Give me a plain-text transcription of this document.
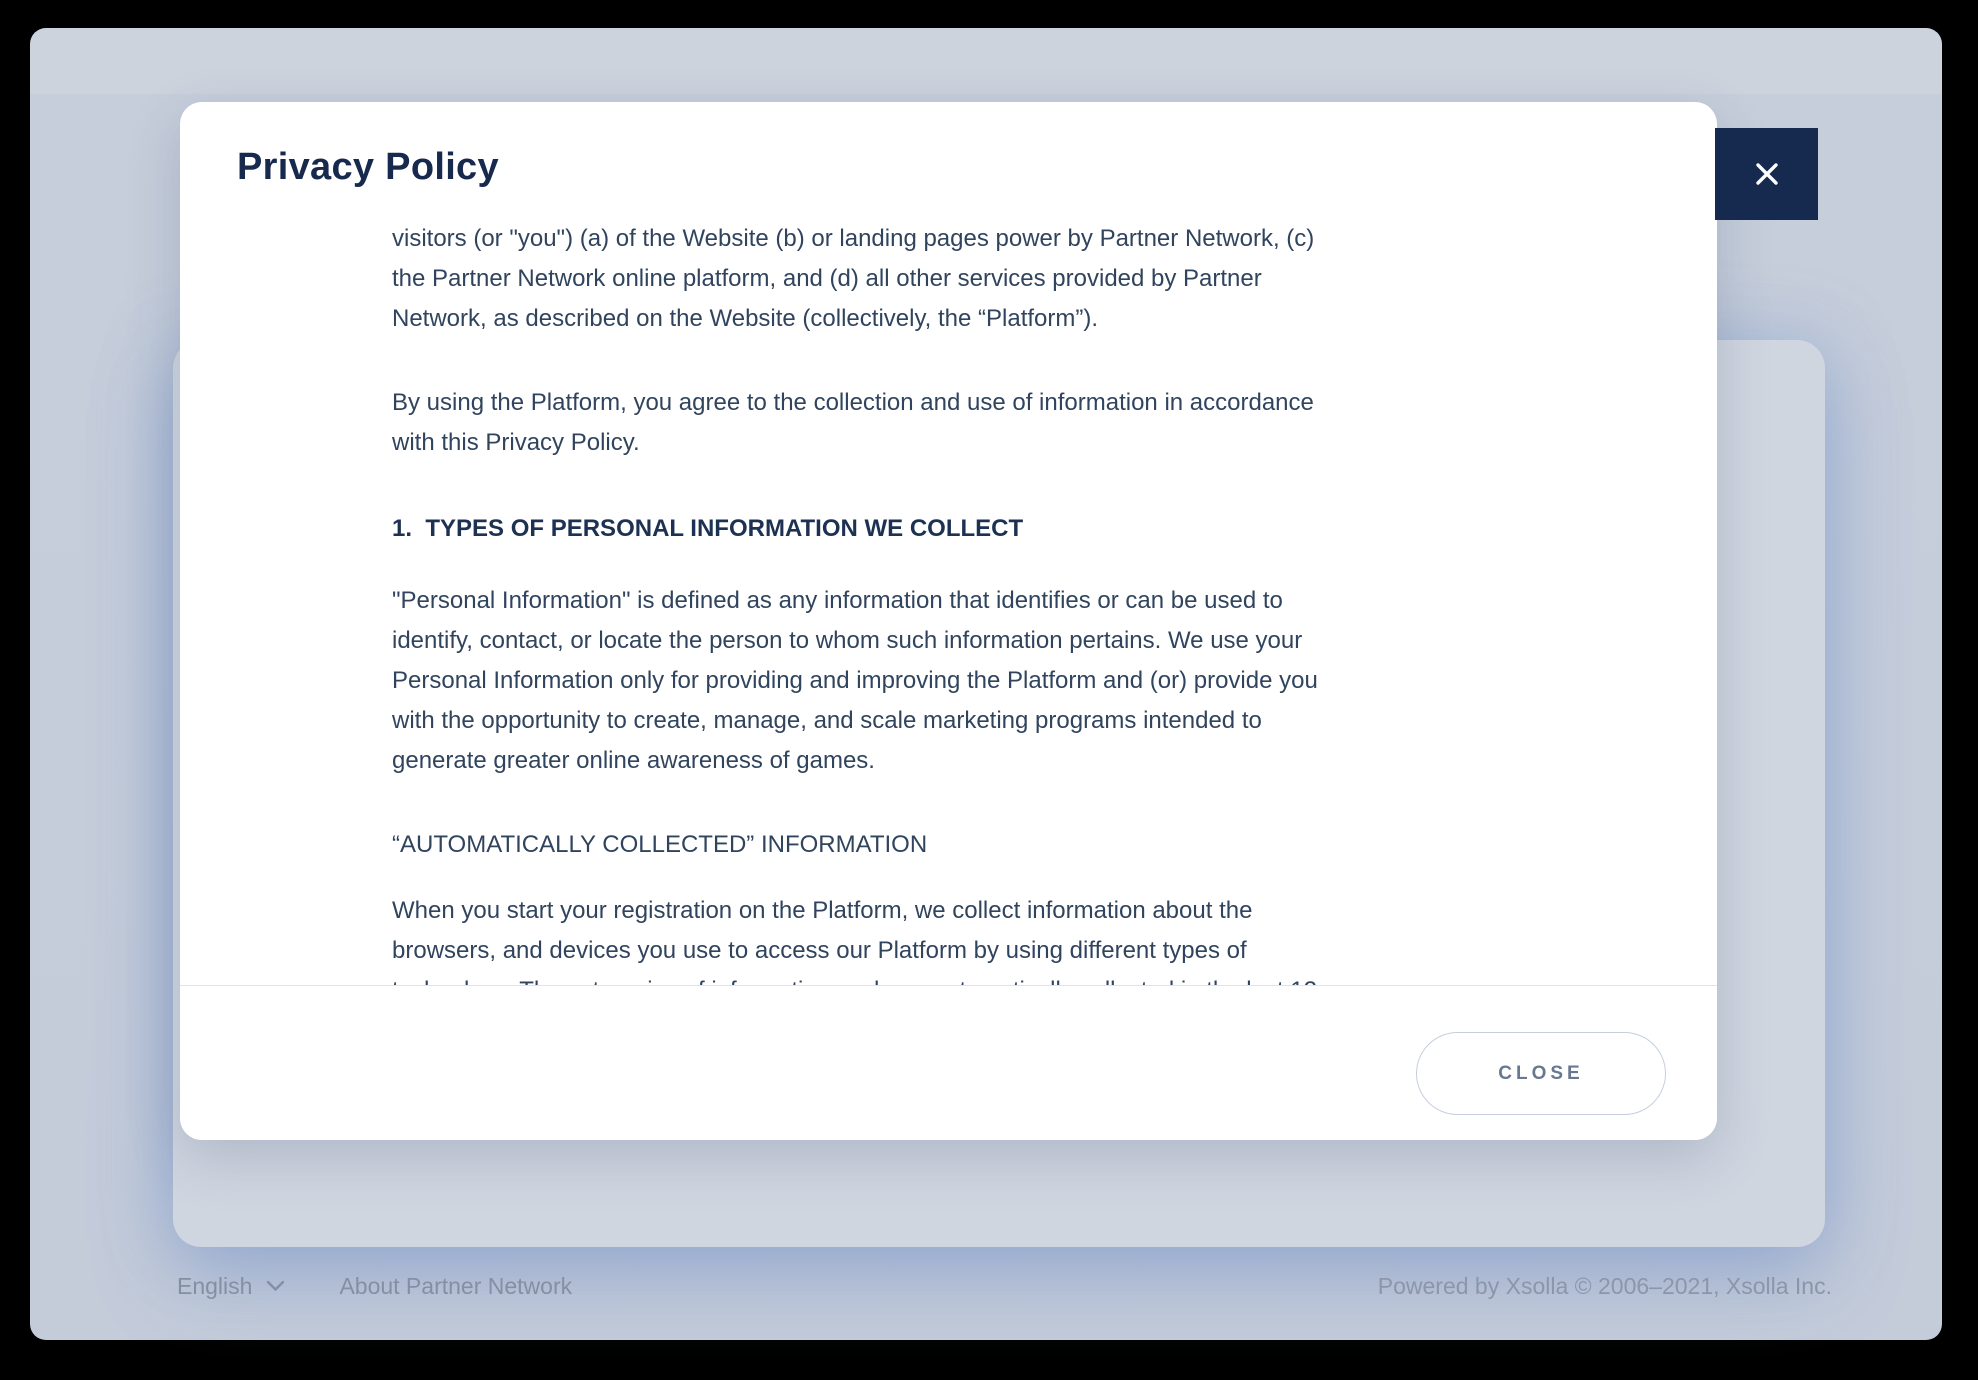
Privacy Policy
visitors (or "you") (a) of the Website (b) or landing pages power by Partner Network, (c)
the Partner Network online platform, and (d) all other services provided by Partner
Network, as described on the Website (collectively, the “Platform”).
By using the Platform, you agree to the collection and use of information in accordance
with this Privacy Policy.
1.  TYPES OF PERSONAL INFORMATION WE COLLECT
"Personal Information" is defined as any information that identifies or can be used to
identify, contact, or locate the person to whom such information pertains. We use your
Personal Information only for providing and improving the Platform and (or) provide you
with the opportunity to create, manage, and scale marketing programs intended to
generate greater online awareness of games.
“AUTOMATICALLY COLLECTED” INFORMATION
When you start your registration on the Platform, we collect information about the
browsers, and devices you use to access our Platform by using different types of
CLOSE
English	About Partner Network	Powered by Xsolla © 2006–2021, Xsolla Inc.
